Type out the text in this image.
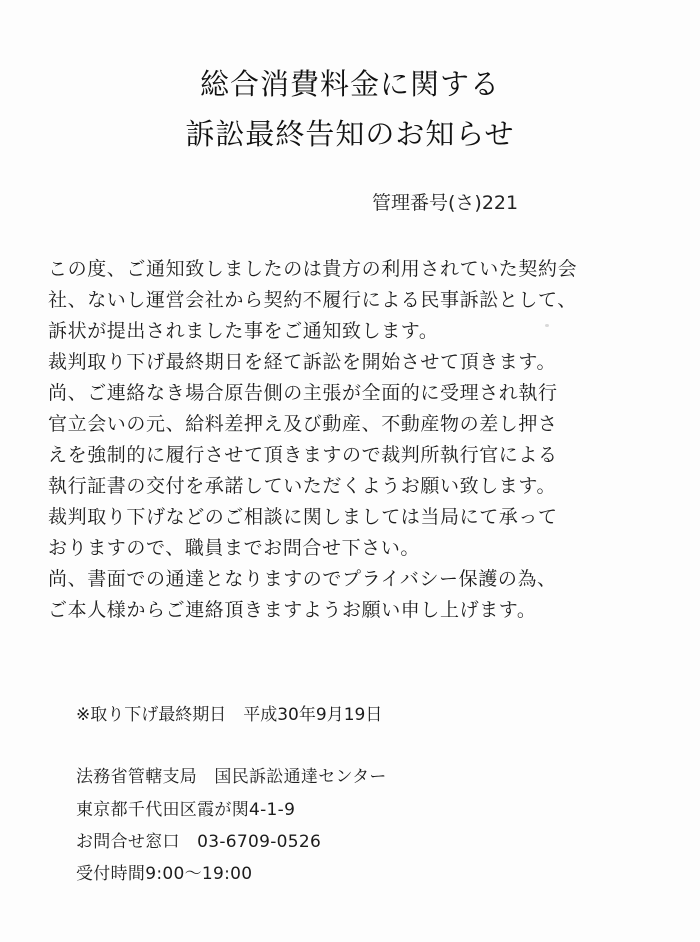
総合消費料金に関する
訴訟最終告知のお知らせ
管理番号(さ)221
この度、ご通知致しましたのは貴方の利用されていた契約会
社、ないし運営会社から契約不履行による民事訴訟として、
訴状が提出されました事をご通知致します。
裁判取り下げ最終期日を経て訴訟を開始させて頂きます。
尚、ご連絡なき場合原告側の主張が全面的に受理され執行
官立会いの元、給料差押え及び動産、不動産物の差し押さ
えを強制的に履行させて頂きますので裁判所執行官による
執行証書の交付を承諾していただくようお願い致します。
裁判取り下げなどのご相談に関しましては当局にて承って
おりますので、職員までお問合せ下さい。
尚、書面での通達となりますのでプライバシー保護の為、
ご本人様からご連絡頂きますようお願い申し上げます。
※取り下げ最終期日　平成30年9月19日
法務省管轄支局　国民訴訟通達センター
東京都千代田区霞が関4-1-9
お問合せ窓口　03-6709-0526
受付時間9:00～19:00
